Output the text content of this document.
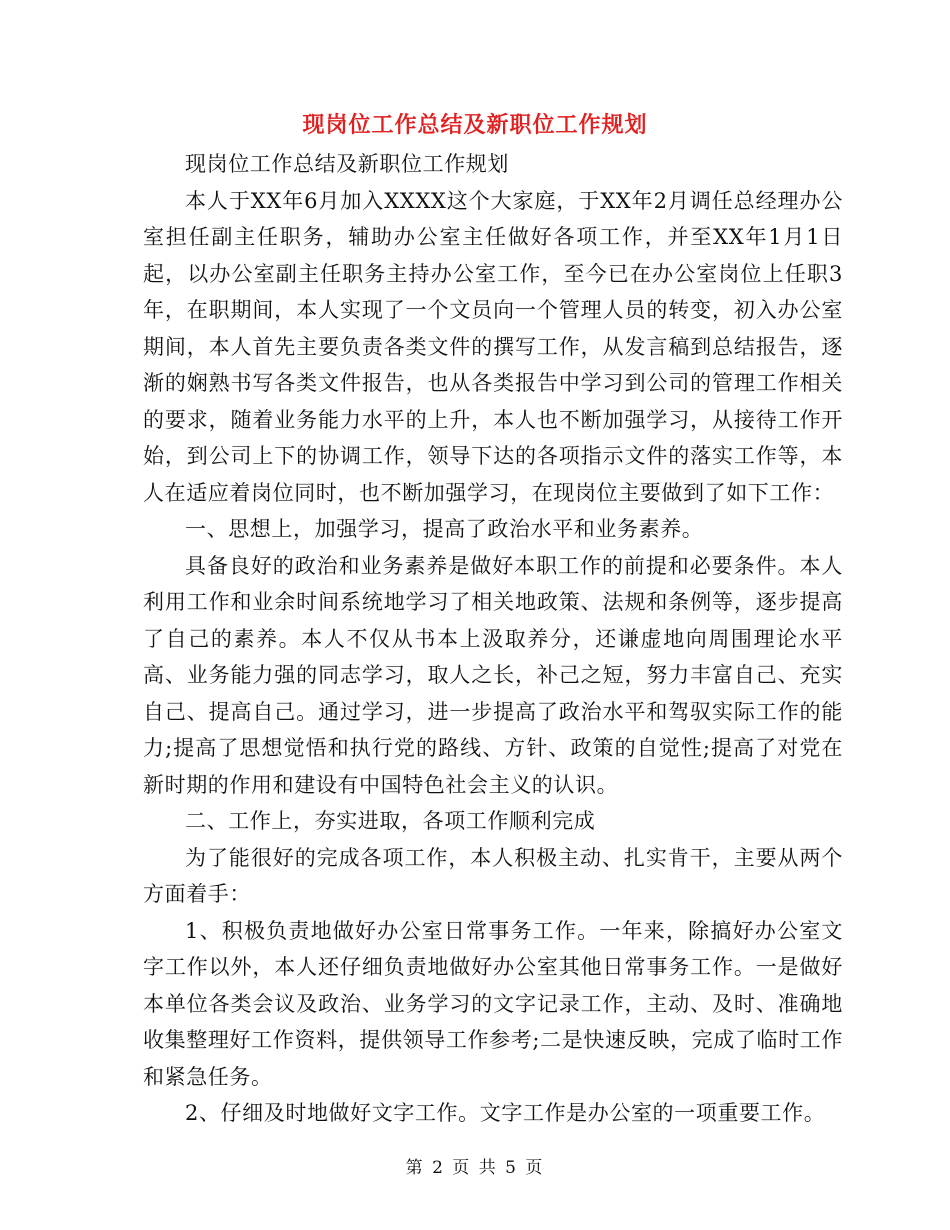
现岗位工作总结及新职位工作规划

现岗位工作总结及新职位工作规划

本人于XX年6月加入XXXX这个大家庭，于XX年2月调任总经理办公室担任副主任职务，辅助办公室主任做好各项工作，并至XX年1月1日起，以办公室副主任职务主持办公室工作，至今已在办公室岗位上任职3年，在职期间，本人实现了一个文员向一个管理人员的转变，初入办公室期间，本人首先主要负责各类文件的撰写工作，从发言稿到总结报告，逐渐的娴熟书写各类文件报告，也从各类报告中学习到公司的管理工作相关的要求，随着业务能力水平的上升，本人也不断加强学习，从接待工作开始，到公司上下的协调工作，领导下达的各项指示文件的落实工作等，本人在适应着岗位同时，也不断加强学习，在现岗位主要做到了如下工作：

一、思想上，加强学习，提高了政治水平和业务素养。

具备良好的政治和业务素养是做好本职工作的前提和必要条件。本人利用工作和业余时间系统地学习了相关地政策、法规和条例等，逐步提高了自己的素养。本人不仅从书本上汲取养分，还谦虚地向周围理论水平高、业务能力强的同志学习，取人之长，补己之短，努力丰富自己、充实自己、提高自己。通过学习，进一步提高了政治水平和驾驭实际工作的能力;提高了思想觉悟和执行党的路线、方针、政策的自觉性;提高了对党在新时期的作用和建设有中国特色社会主义的认识。

二、工作上，夯实进取，各项工作顺利完成

为了能很好的完成各项工作，本人积极主动、扎实肯干，主要从两个方面着手：

1、积极负责地做好办公室日常事务工作。一年来，除搞好办公室文字工作以外，本人还仔细负责地做好办公室其他日常事务工作。一是做好本单位各类会议及政治、业务学习的文字记录工作，主动、及时、准确地收集整理好工作资料，提供领导工作参考;二是快速反映，完成了临时工作和紧急任务。

2、仔细及时地做好文字工作。文字工作是办公室的一项重要工作。

第 2 页 共 5 页
